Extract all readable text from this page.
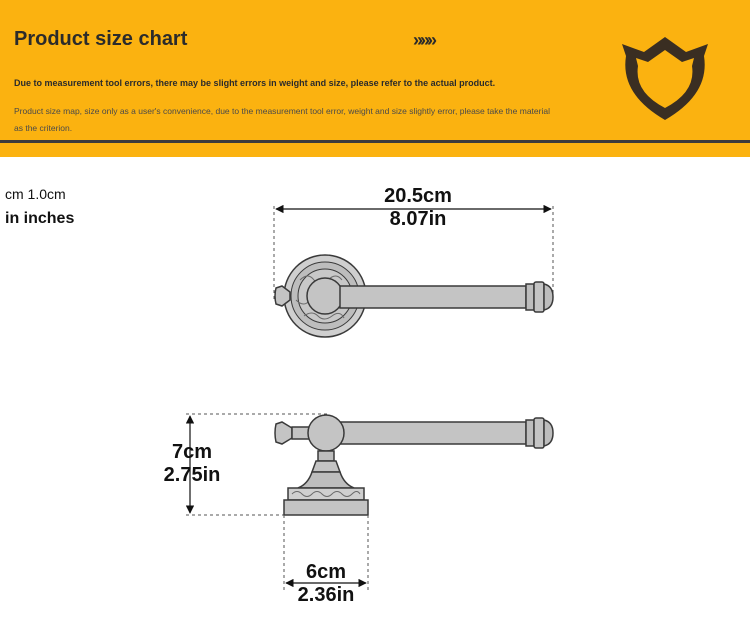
Product size chart	»»»

Due to measurement tool errors, there may be slight errors in weight and size, please refer to the actual product.

Product size map, size only as a user's convenience, due to the measurement tool error, weight and size slightly error, please take the material as the criterion.

cm 1.0cm
in inches
20.5cm
8.07in
7cm
2.75in
6cm
2.36in
